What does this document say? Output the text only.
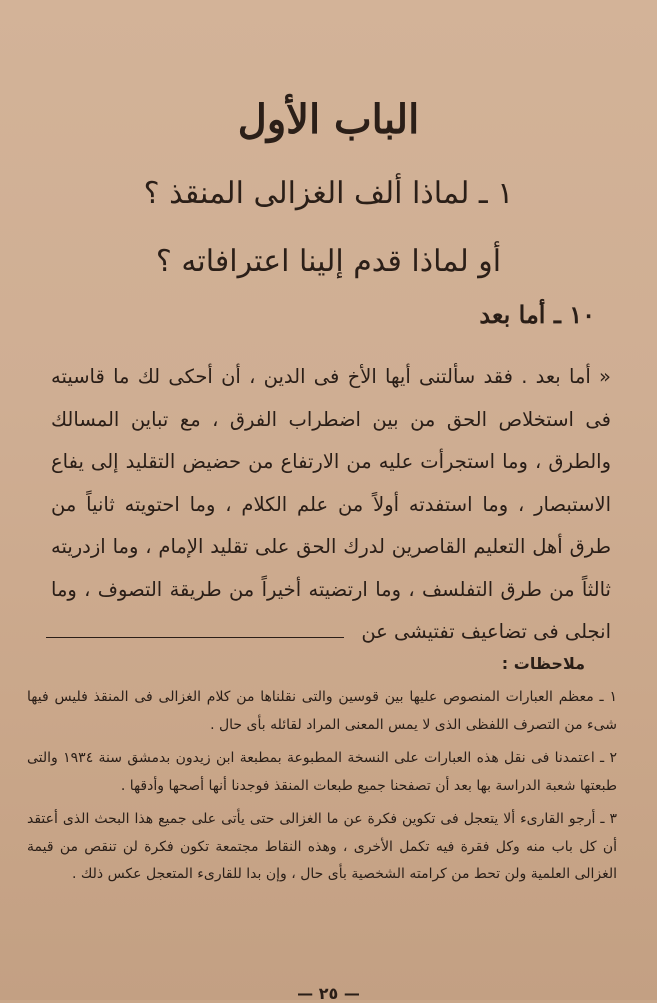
الباب الأول
١ ـ لماذا ألف الغزالى المنقذ ؟
أو لماذا قدم إلينا اعترافاته ؟
١٠ ـ أما بعد

« أما بعد . فقد سألتنى أيها الأخ فى الدين ، أن أحكى لك ما قاسيته فى استخلاص الحق من بين اضطراب الفرق ، مع تباين المسالك والطرق ، وما استجرأت عليه من الارتفاع من حضيض التقليد إلى يفاع الاستبصار ، وما استفدته أولاً من علم الكلام ، وما احتويته ثانياً من طرق أهل التعليم القاصرين لدرك الحق على تقليد الإمام ، وما ازدريته ثالثاً من طرق التفلسف ، وما ارتضيته أخيراً من طريقة التصوف ، وما انجلى فى تضاعيف تفتيشى عن

ملاحظات :

١ ـ معظم العبارات المنصوص عليها بين قوسين والتى نقلناها من كلام الغزالى فى المنقذ فليس فيها شىء من التصرف اللفظى الذى لا يمس المعنى المراد لقائله بأى حال .

٢ ـ اعتمدنا فى نقل هذه العبارات على النسخة المطبوعة بمطبعة ابن زيدون بدمشق سنة ١٩٣٤ والتى طبعتها شعبة الدراسة بها بعد أن تصفحنا جميع طبعات المنقذ فوجدنا أنها أصحها وأدقها .

٣ ـ أرجو القارىء ألا يتعجل فى تكوين فكرة عن ما الغزالى حتى يأتى على جميع هذا البحث الذى أعتقد أن كل باب منه وكل فقرة فيه تكمل الأخرى ، وهذه النقاط مجتمعة تكون فكرة لن تنقص من قيمة الغزالى العلمية ولن تحط من كرامته الشخصية بأى حال ، وإن بدا للقارىء المتعجل عكس ذلك .

— ٢٥ —
